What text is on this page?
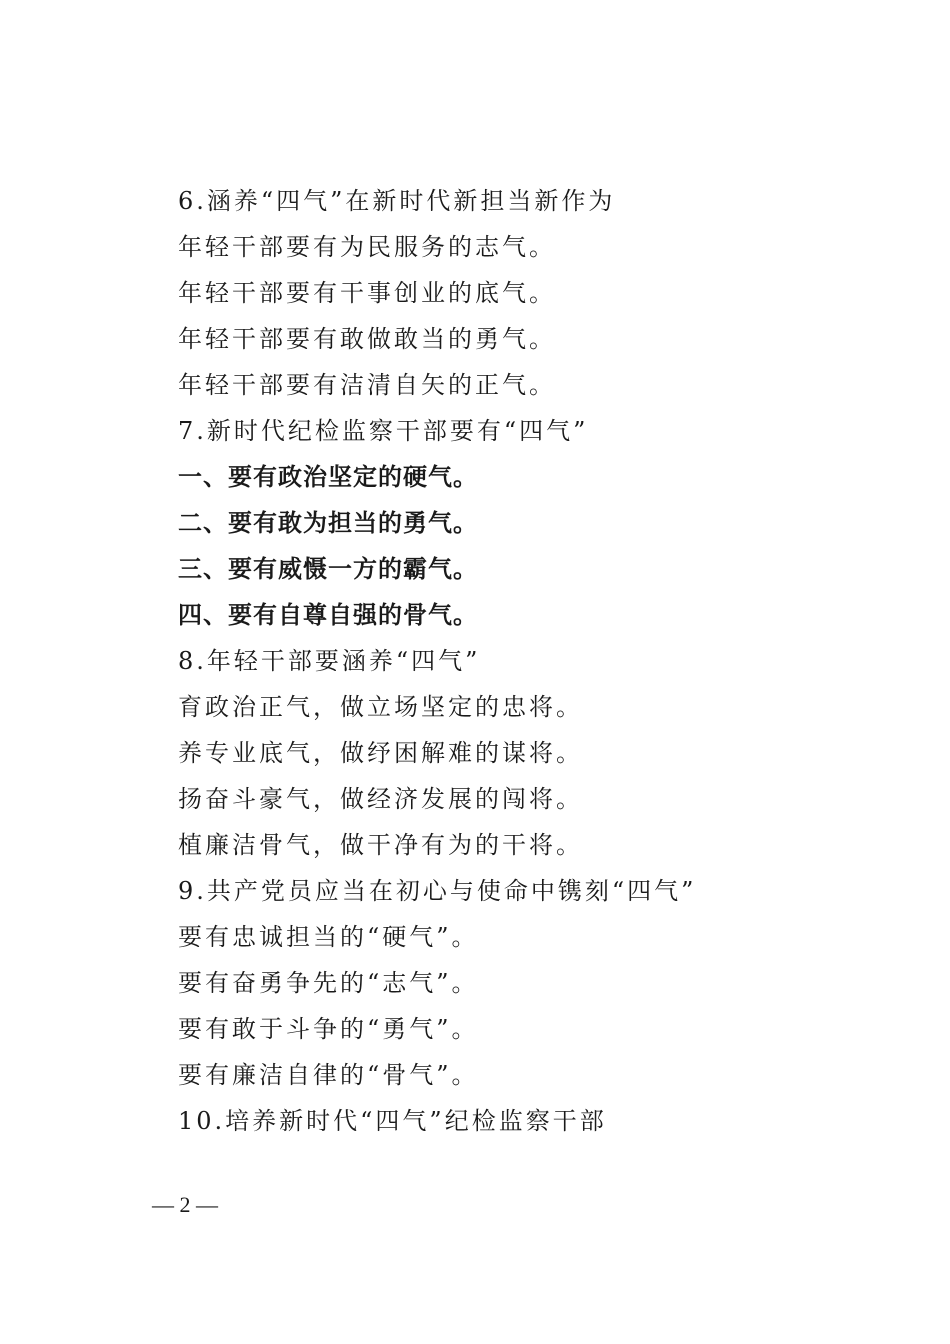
6.涵养“四气”在新时代新担当新作为
年轻干部要有为民服务的志气。
年轻干部要有干事创业的底气。
年轻干部要有敢做敢当的勇气。
年轻干部要有洁清自矢的正气。
7.新时代纪检监察干部要有“四气”
一、要有政治坚定的硬气。
二、要有敢为担当的勇气。
三、要有威慑一方的霸气。
四、要有自尊自强的骨气。
8.年轻干部要涵养“四气”
育政治正气，做立场坚定的忠将。
养专业底气，做纾困解难的谋将。
扬奋斗豪气，做经济发展的闯将。
植廉洁骨气，做干净有为的干将。
9.共产党员应当在初心与使命中镌刻“四气”
要有忠诚担当的“硬气”。
要有奋勇争先的“志气”。
要有敢于斗争的“勇气”。
要有廉洁自律的“骨气”。
10.培养新时代“四气”纪检监察干部
— 2 —
